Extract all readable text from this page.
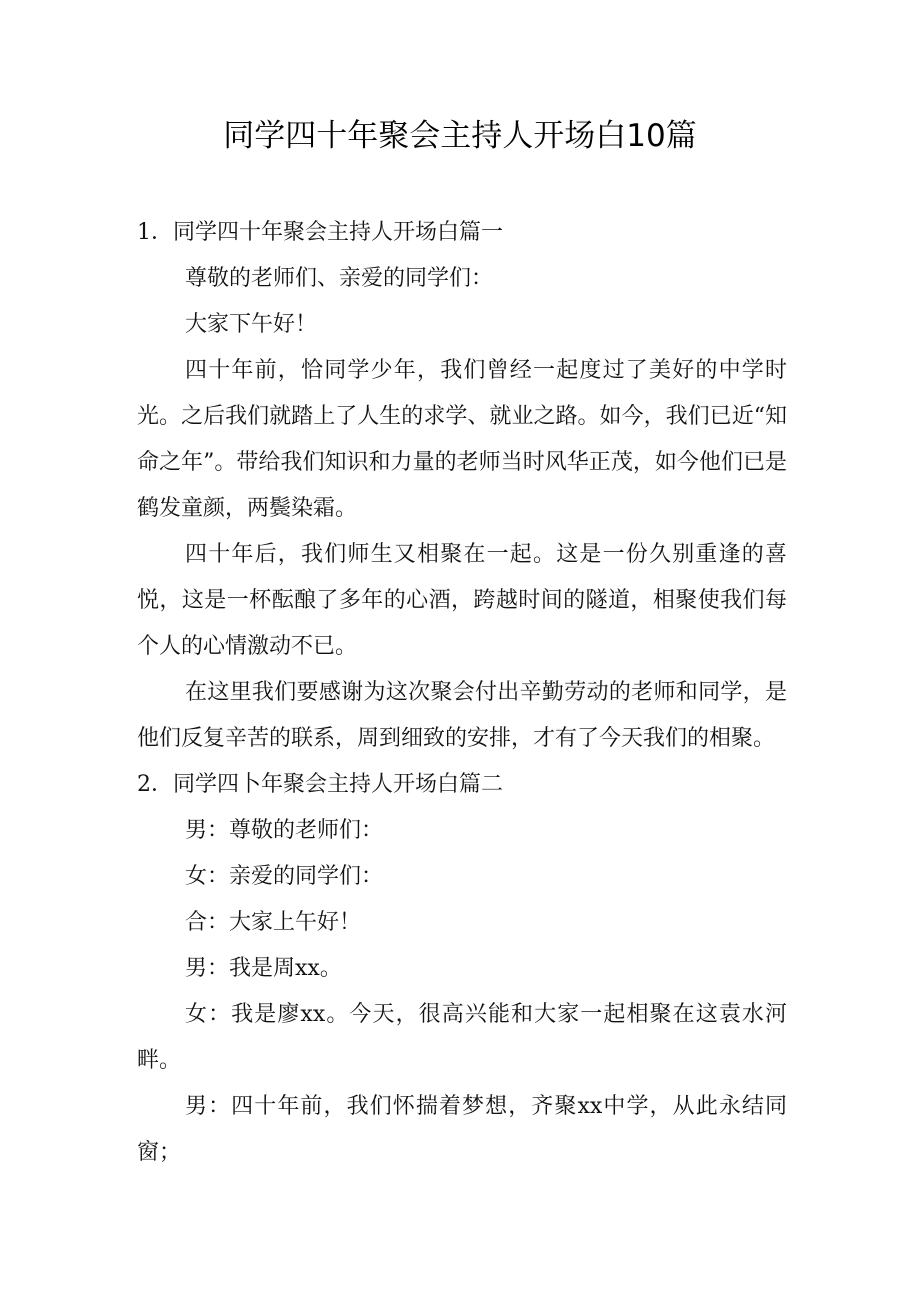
同学四十年聚会主持人开场白10篇

1．同学四十年聚会主持人开场白篇一

尊敬的老师们、亲爱的同学们：

大家下午好！

四十年前，恰同学少年，我们曾经一起度过了美好的中学时光。之后我们就踏上了人生的求学、就业之路。如今，我们已近“知命之年”。带给我们知识和力量的老师当时风华正茂，如今他们已是鹤发童颜，两鬓染霜。

四十年后，我们师生又相聚在一起。这是一份久别重逢的喜悦，这是一杯酝酿了多年的心酒，跨越时间的隧道，相聚使我们每个人的心情激动不已。

在这里我们要感谢为这次聚会付出辛勤劳动的老师和同学，是他们反复辛苦的联系，周到细致的安排，才有了今天我们的相聚。

2．同学四卜年聚会主持人开场白篇二

男：尊敬的老师们：

女：亲爱的同学们：

合：大家上午好！

男：我是周xx。

女：我是廖xx。今天，很高兴能和大家一起相聚在这袁水河畔。

男：四十年前，我们怀揣着梦想，齐聚xx中学，从此永结同窗；
